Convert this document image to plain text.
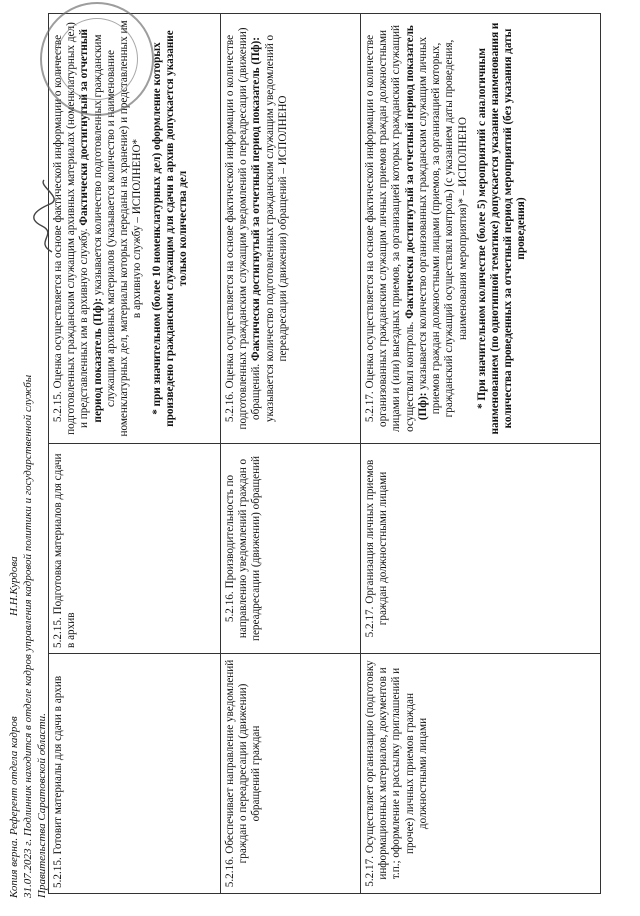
Копия верна. Референт отдела кадров 31.07.2023 г. Подлинник находится в отделе кадров управления кадровой политики и государственной службы Правительства Саратовской области.
Н.Н.Курдова
5.2.15. Готовит материалы для сдачи в архив	5.2.15. Подготовка материалов для сдачи в архив	5.2.15. Оценка осуществляется на основе фактической информации о количестве подготовленных гражданским служащим архивных материалах (номенклатурных дел) и представленных им в архивную службу. Фактически достигнутый за отчетный период показатель (Пф): указывается количество подготовленных гражданским служащим архивных материалов (указывается количество и наименование номенклатурных дел, материалы которых переданы на хранение) и представленных им в архивную службу – ИСПОЛНЕНО* * при значительном (более 10 номенклатурных дел) оформление которых произведено гражданским служащим для сдачи в архив допускается указание только количества дел

5.2.16. Обеспечивает направление уведомлений граждан о переадресации (движении) обращений граждан	5.2.16. Производительность по направлению уведомлений граждан о переадресации (движении) обращений	5.2.16. Оценка осуществляется на основе фактической информации о количестве подготовленных гражданским служащим уведомлений о переадресации (движении) обращений. Фактически достигнутый за отчетный период показатель (Пф): указывается количество подготовленных гражданским служащим уведомлений о переадресации (движении) обращений – ИСПОЛНЕНО
5.2.17. Осуществляет организацию (подготовку информационных материалов, документов и т.п.; оформление и рассылку приглашений и прочее) личных приемов граждан должностными лицами	5.2.17. Организация личных приемов граждан должностными лицами	5.2.17. Оценка осуществляется на основе фактической информации о количестве организованных гражданским служащим личных приемов граждан должностными лицами и (или) выездных приемов, за организацией которых гражданский служащий осуществлял контроль. Фактически достигнутый за отчетный период показатель (Пф): указывается количество организованных гражданским служащим личных приемов граждан должностными лицами (приемов, за организацией которых, гражданский служащий осуществлял контроль) (с указанием даты проведения, наименования мероприятия)* – ИСПОЛНЕНО * При значительном количестве (более 5) мероприятий с аналогичным наименованием (по однотипной тематике) допускается указание наименования и количества проведенных за отчетный период мероприятий (без указания даты проведения)
